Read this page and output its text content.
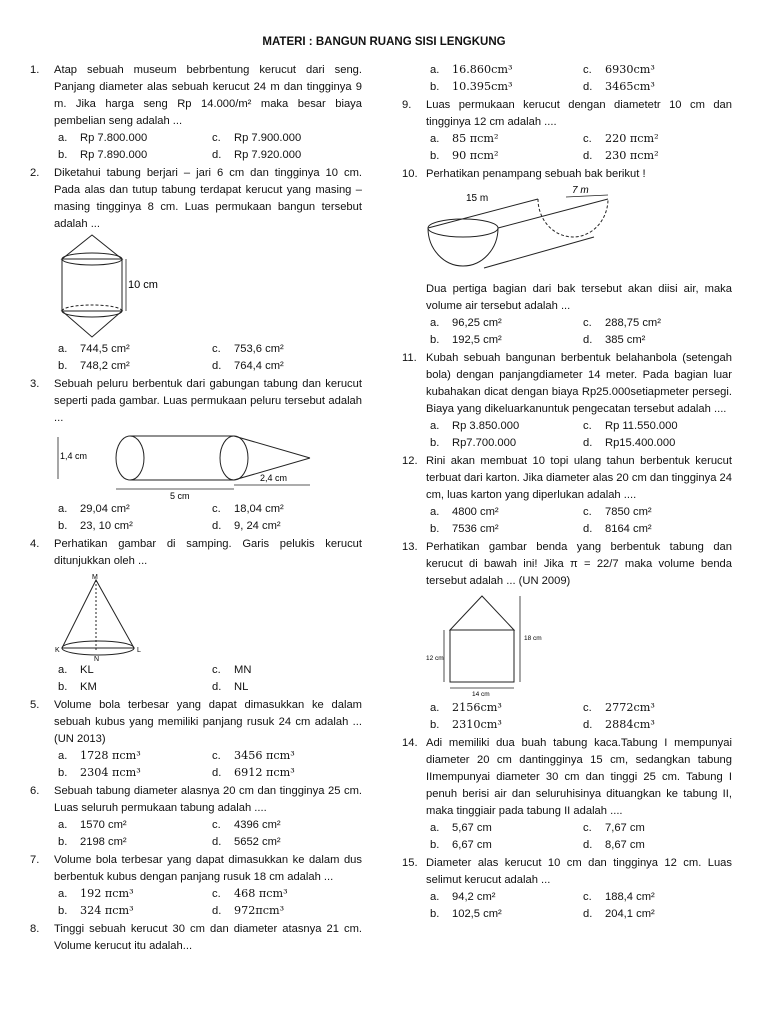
MATERI : BANGUN RUANG SISI LENGKUNG
1. Atap sebuah museum bebrbentung kerucut dari seng. Panjang diameter alas sebuah kerucut 24 m dan tingginya 9 m. Jika harga seng Rp 14.000/m² maka besar biaya pembelian seng adalah ...
a. Rp 7.800.000	c. Rp 7.900.000
b. Rp 7.890.000	d. Rp 7.920.000
2. Diketahui tabung berjari – jari 6 cm dan tingginya 10 cm. Pada alas dan tutup tabung terdapat kerucut yang masing –masing tingginya 8 cm. Luas permukaan bangun tersebut adalah ...
10 cm
a. 744,5 cm²	c. 753,6 cm²
b. 748,2 cm²	d. 764,4 cm²
3. Sebuah peluru berbentuk dari gabungan tabung dan kerucut seperti pada gambar. Luas permukaan peluru tersebut adalah ...
1,4 cm
2,4 cm
5 cm
a. 29,04 cm²	c. 18,04 cm²
b. 23, 10 cm²	d. 9, 24 cm²
4. Perhatikan gambar di samping. Garis pelukis kerucut ditunjukkan oleh ...
M
K
N
L
a. KL	c. MN
b. KM	d. NL
5. Volume bola terbesar yang dapat dimasukkan ke dalam sebuah kubus yang memiliki panjang rusuk 24 cm adalah ... (UN 2013)
a. 1728 πcm³	c. 3456 πcm³
b. 2304 πcm³	d. 6912 πcm³
6. Sebuah tabung diameter alasnya 20 cm dan tingginya 25 cm. Luas seluruh permukaan tabung adalah ....
a. 1570 cm²	c. 4396 cm²
b. 2198 cm²	d. 5652 cm²
7. Volume bola terbesar yang dapat dimasukkan ke dalam dus berbentuk kubus dengan panjang rusuk 18 cm adalah ...
a. 192 πcm³	c. 468 πcm³
b. 324 πcm³	d. 972πcm³
8. Tinggi sebuah kerucut 30 cm dan diameter atasnya 21 cm. Volume kerucut itu adalah...
a. 16.860cm³	c. 6930cm³
b. 10.395cm³	d. 3465cm³
9. Luas permukaan kerucut dengan diametetr 10 cm dan tingginya 12 cm adalah ....
a. 85 πcm²	c. 220 πcm²
b. 90 πcm²	d. 230 πcm²
10. Perhatikan penampang sebuah bak berikut !
15 m
7 m
Dua pertiga bagian dari bak tersebut akan diisi air, maka volume air tersebut adalah ...
a. 96,25 cm²	c. 288,75 cm²
b. 192,5 cm²	d. 385 cm²
11. Kubah sebuah bangunan berbentuk belahanbola (setengah bola) dengan panjangdiameter 14 meter. Pada bagian luar kubahakan dicat dengan biaya Rp25.000setiapmeter persegi. Biaya yang dikeluarkanuntuk pengecatan tersebut adalah ....
a. Rp 3.850.000	c. Rp 11.550.000
b. Rp7.700.000	d. Rp15.400.000
12. Rini akan membuat 10 topi ulang tahun berbentuk kerucut terbuat dari karton. Jika diameter alas 20 cm dan tingginya 24 cm, luas karton yang diperlukan adalah ....
a. 4800 cm²	c. 7850 cm²
b. 7536 cm²	d. 8164 cm²
13. Perhatikan gambar benda yang berbentuk tabung dan kerucut di bawah ini! Jika π = 22/7 maka volume benda tersebut adalah ... (UN 2009)
18 cm
12 cm
14 cm
a. 2156cm³	c. 2772cm³
b. 2310cm³	d. 2884cm³
14. Adi memiliki dua buah tabung kaca.Tabung I mempunyai diameter 20 cm dantingginya 15 cm, sedangkan tabung IImempunyai diameter 30 cm dan tinggi 25 cm. Tabung I penuh berisi air dan seluruhisinya dituangkan ke tabung II, maka tinggiair pada tabung II adalah ....
a. 5,67 cm	c. 7,67 cm
b. 6,67 cm	d. 8,67 cm
15. Diameter alas kerucut 10 cm dan tingginya 12 cm. Luas selimut kerucut adalah ...
a. 94,2 cm²	c. 188,4 cm²
b. 102,5 cm²	d. 204,1 cm²
